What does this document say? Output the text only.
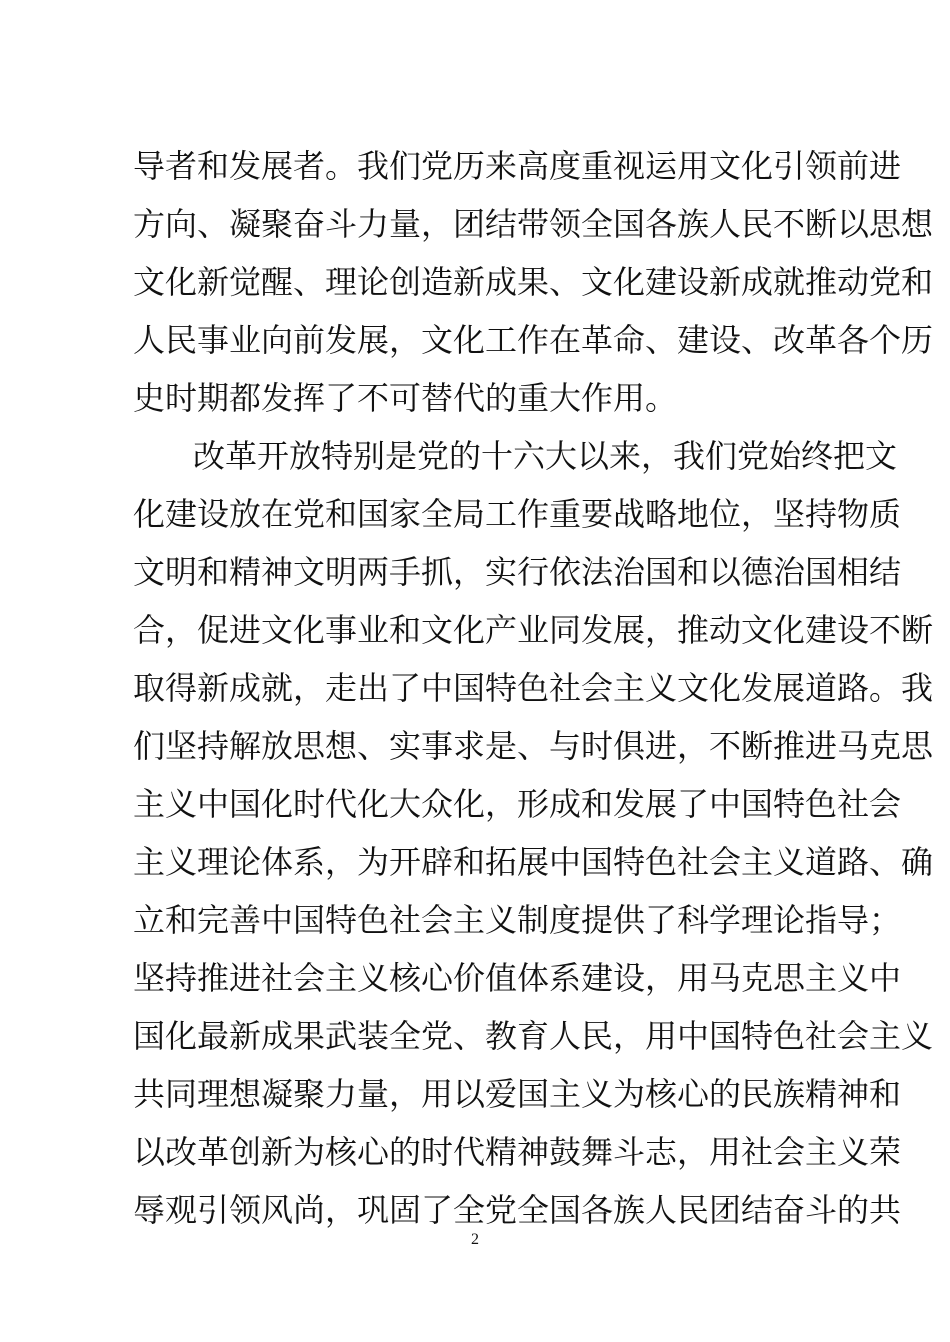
导者和发展者。我们党历来高度重视运用文化引领前进
方向、凝聚奋斗力量，团结带领全国各族人民不断以思想
文化新觉醒、理论创造新成果、文化建设新成就推动党和
人民事业向前发展，文化工作在革命、建设、改革各个历
史时期都发挥了不可替代的重大作用。
改革开放特别是党的十六大以来，我们党始终把文
化建设放在党和国家全局工作重要战略地位，坚持物质
文明和精神文明两手抓，实行依法治国和以德治国相结
合，促进文化事业和文化产业同发展，推动文化建设不断
取得新成就，走出了中国特色社会主义文化发展道路。我
们坚持解放思想、实事求是、与时俱进，不断推进马克思
主义中国化时代化大众化，形成和发展了中国特色社会
主义理论体系，为开辟和拓展中国特色社会主义道路、确
立和完善中国特色社会主义制度提供了科学理论指导；
坚持推进社会主义核心价值体系建设，用马克思主义中
国化最新成果武装全党、教育人民，用中国特色社会主义
共同理想凝聚力量，用以爱国主义为核心的民族精神和
以改革创新为核心的时代精神鼓舞斗志，用社会主义荣
辱观引领风尚，巩固了全党全国各族人民团结奋斗的共
2
